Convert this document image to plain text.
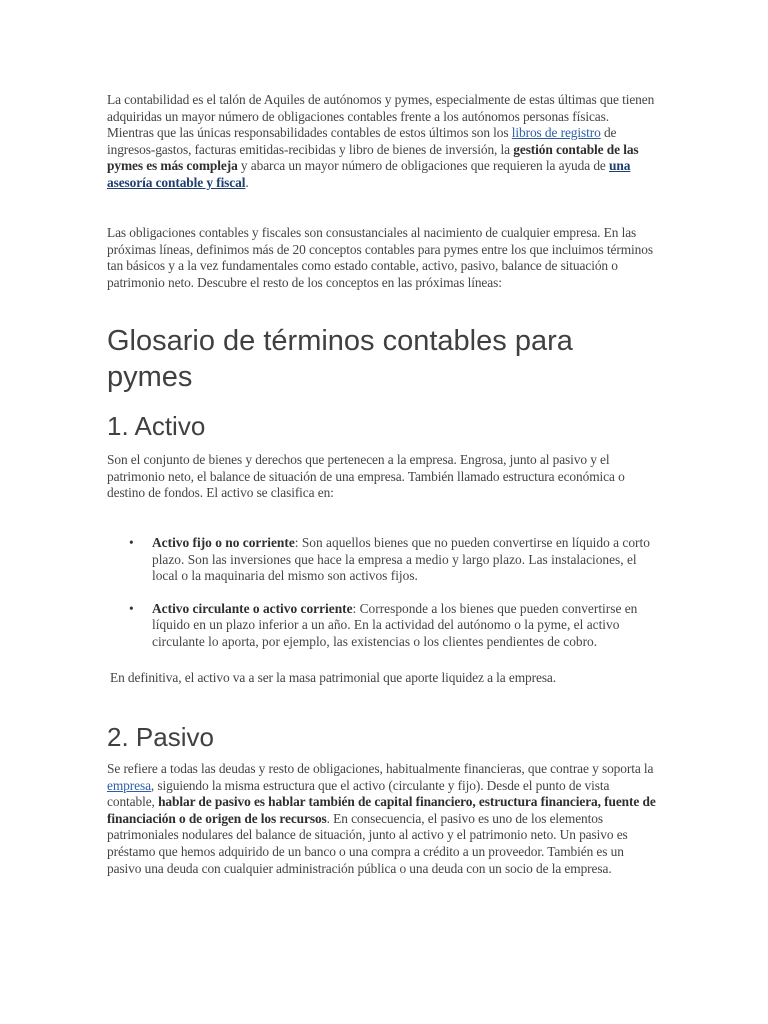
La contabilidad es el talón de Aquiles de autónomos y pymes, especialmente de estas últimas que tienen adquiridas un mayor número de obligaciones contables frente a los autónomos personas físicas. Mientras que las únicas responsabilidades contables de estos últimos son los libros de registro de ingresos-gastos, facturas emitidas-recibidas y libro de bienes de inversión, la gestión contable de las pymes es más compleja y abarca un mayor número de obligaciones que requieren la ayuda de una asesoría contable y fiscal.

Las obligaciones contables y fiscales son consustanciales al nacimiento de cualquier empresa. En las próximas líneas, definimos más de 20 conceptos contables para pymes entre los que incluimos términos tan básicos y a la vez fundamentales como estado contable, activo, pasivo, balance de situación o patrimonio neto. Descubre el resto de los conceptos en las próximas líneas:

Glosario de términos contables para pymes
1. Activo

Son el conjunto de bienes y derechos que pertenecen a la empresa. Engrosa, junto al pasivo y el patrimonio neto, el balance de situación de una empresa. También llamado estructura económica o destino de fondos. El activo se clasifica en:

• Activo fijo o no corriente: Son aquellos bienes que no pueden convertirse en líquido a corto plazo. Son las inversiones que hace la empresa a medio y largo plazo. Las instalaciones, el local o la maquinaria del mismo son activos fijos.
• Activo circulante o activo corriente: Corresponde a los bienes que pueden convertirse en líquido en un plazo inferior a un año. En la actividad del autónomo o la pyme, el activo circulante lo aporta, por ejemplo, las existencias o los clientes pendientes de cobro.

En definitiva, el activo va a ser la masa patrimonial que aporte liquidez a la empresa.

2. Pasivo

Se refiere a todas las deudas y resto de obligaciones, habitualmente financieras, que contrae y soporta la empresa, siguiendo la misma estructura que el activo (circulante y fijo). Desde el punto de vista contable, hablar de pasivo es hablar también de capital financiero, estructura financiera, fuente de financiación o de origen de los recursos. En consecuencia, el pasivo es uno de los elementos patrimoniales nodulares del balance de situación, junto al activo y el patrimonio neto. Un pasivo es préstamo que hemos adquirido de un banco o una compra a crédito a un proveedor. También es un pasivo una deuda con cualquier administración pública o una deuda con un socio de la empresa.
